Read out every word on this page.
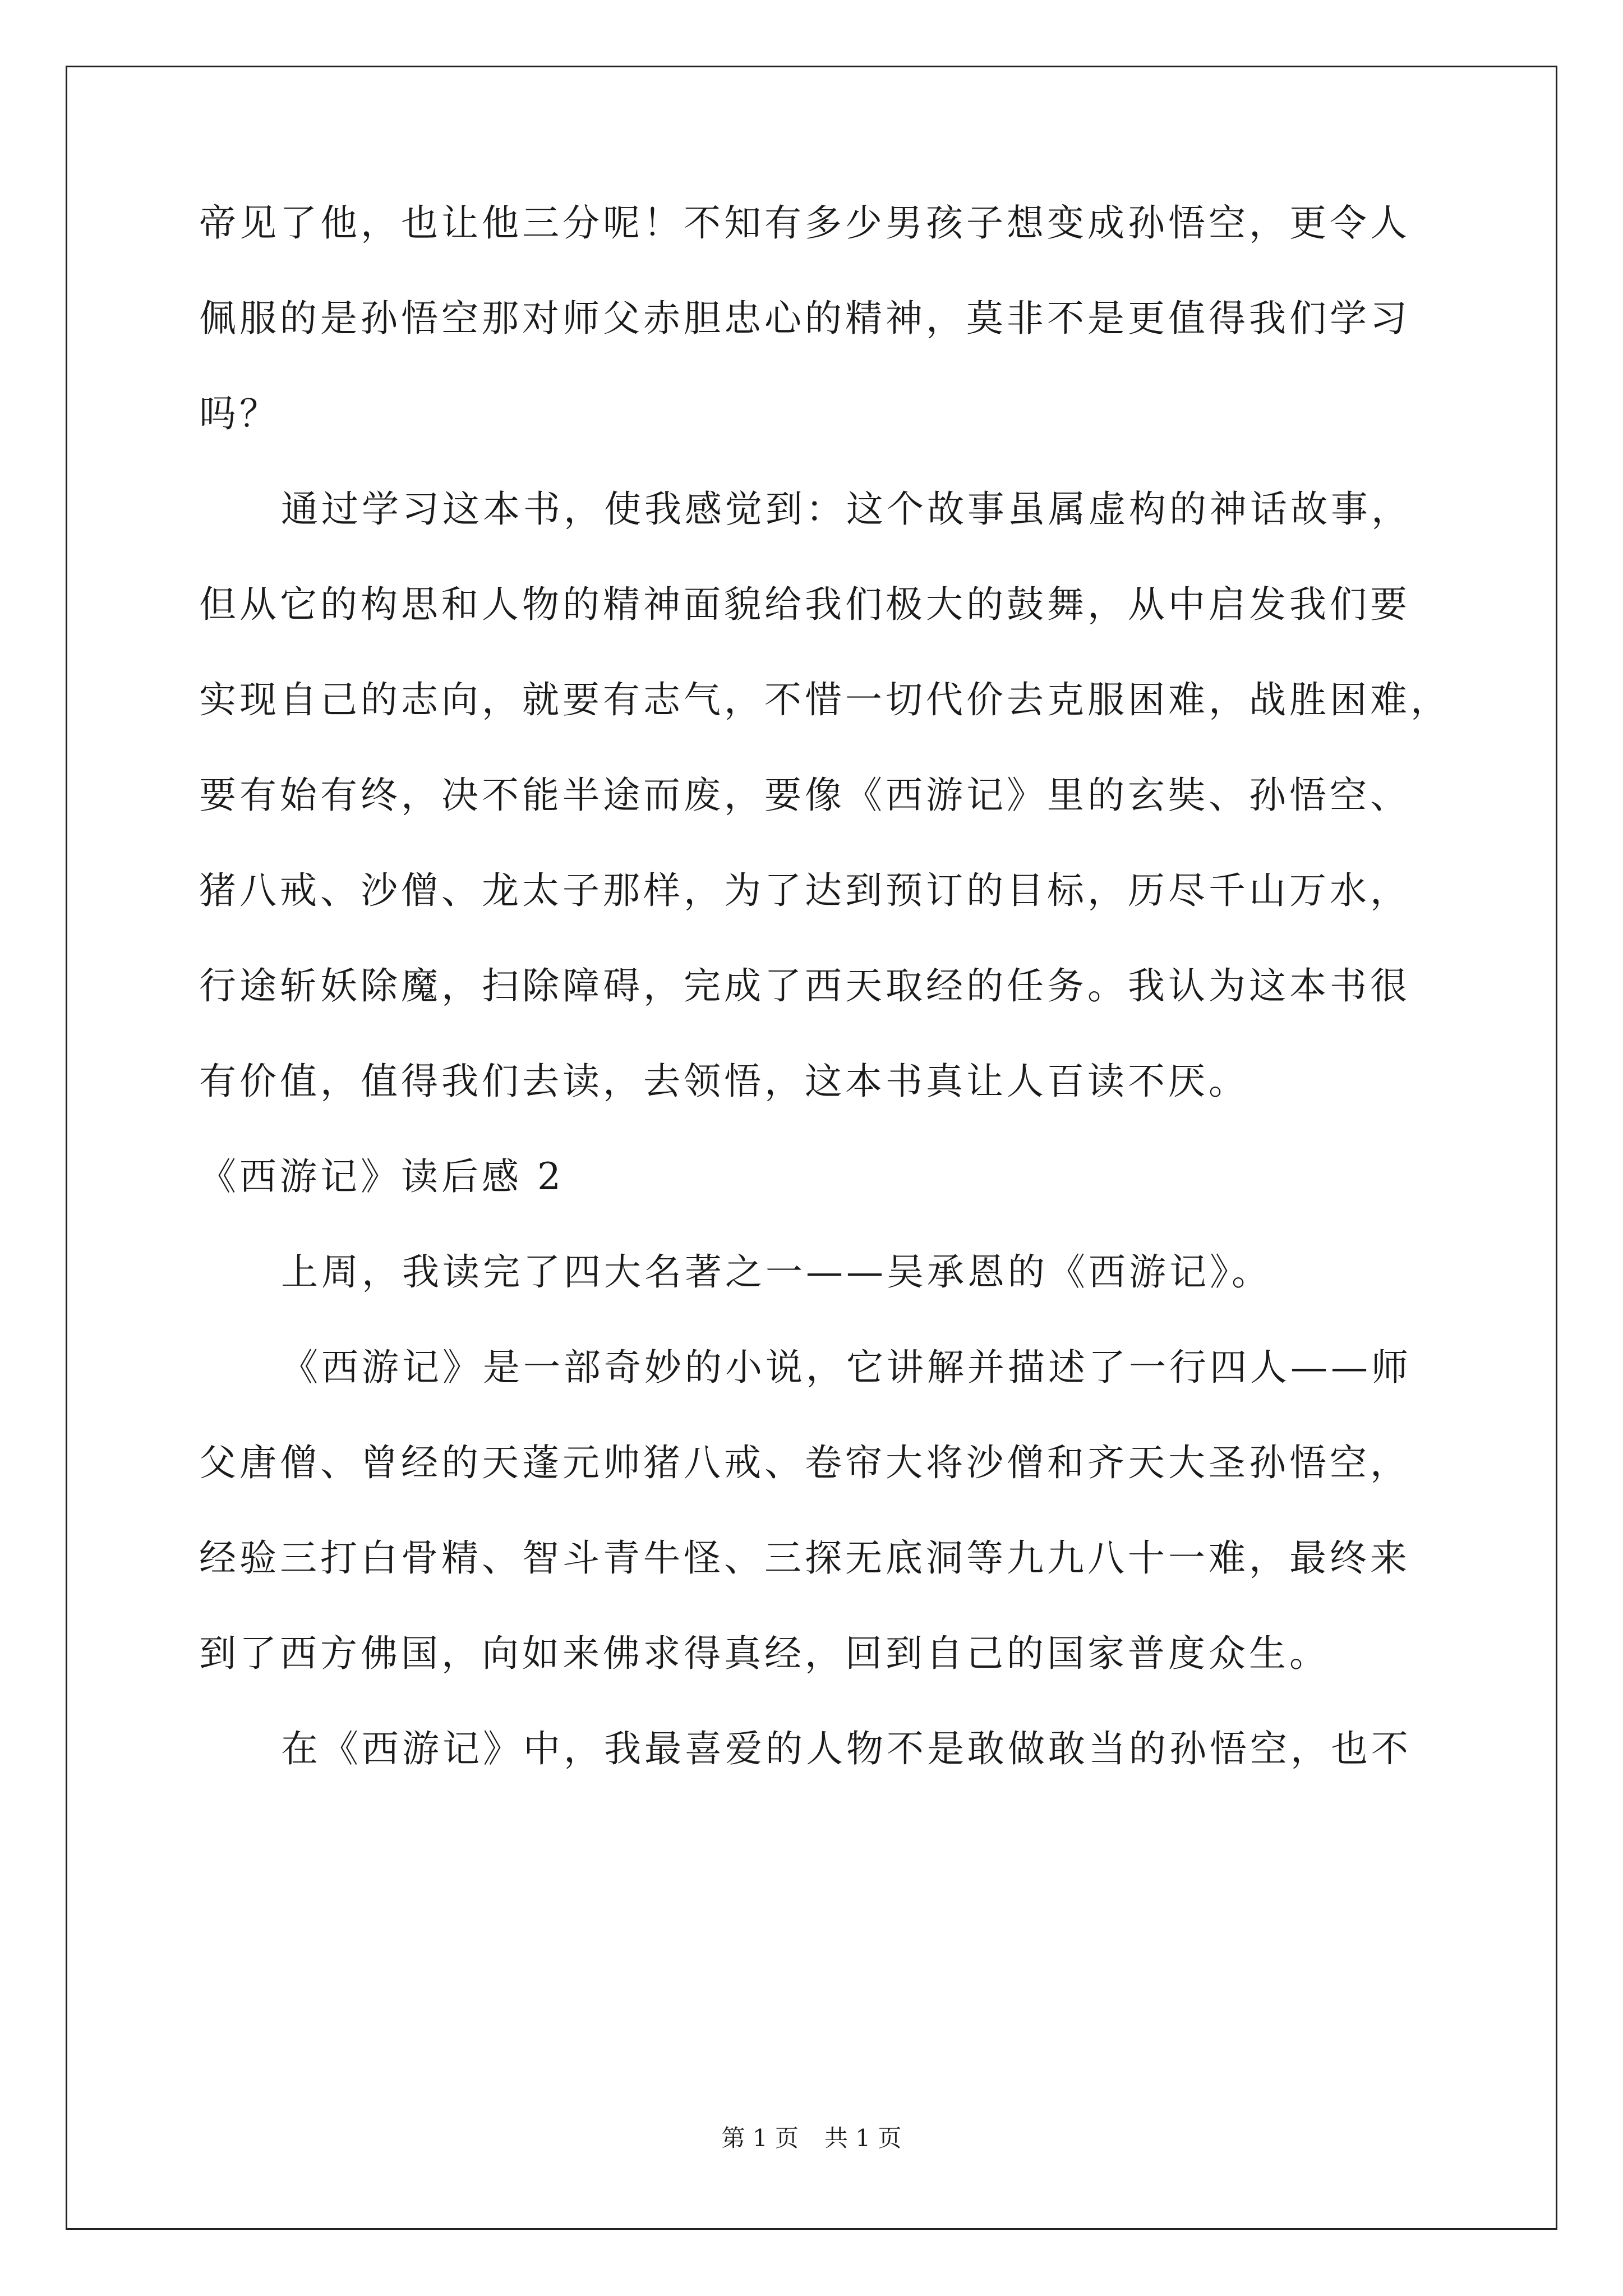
帝见了他，也让他三分呢！不知有多少男孩子想变成孙悟空，更令人
佩服的是孙悟空那对师父赤胆忠心的精神，莫非不是更值得我们学习
吗？
通过学习这本书，使我感觉到：这个故事虽属虚构的神话故事，
但从它的构思和人物的精神面貌给我们极大的鼓舞，从中启发我们要
实现自己的志向，就要有志气，不惜一切代价去克服困难，战胜困难，
要有始有终，决不能半途而废，要像《西游记》里的玄奘、孙悟空、
猪八戒、沙僧、龙太子那样，为了达到预订的目标，历尽千山万水，
行途斩妖除魔，扫除障碍，完成了西天取经的任务。我认为这本书很
有价值，值得我们去读，去领悟，这本书真让人百读不厌。
《西游记》读后感 2
上周，我读完了四大名著之一——吴承恩的《西游记》。
《西游记》是一部奇妙的小说，它讲解并描述了一行四人——师
父唐僧、曾经的天蓬元帅猪八戒、卷帘大将沙僧和齐天大圣孙悟空，
经验三打白骨精、智斗青牛怪、三探无底洞等九九八十一难，最终来
到了西方佛国，向如来佛求得真经，回到自己的国家普度众生。
在《西游记》中，我最喜爱的人物不是敢做敢当的孙悟空，也不
第 1 页 共 1 页
